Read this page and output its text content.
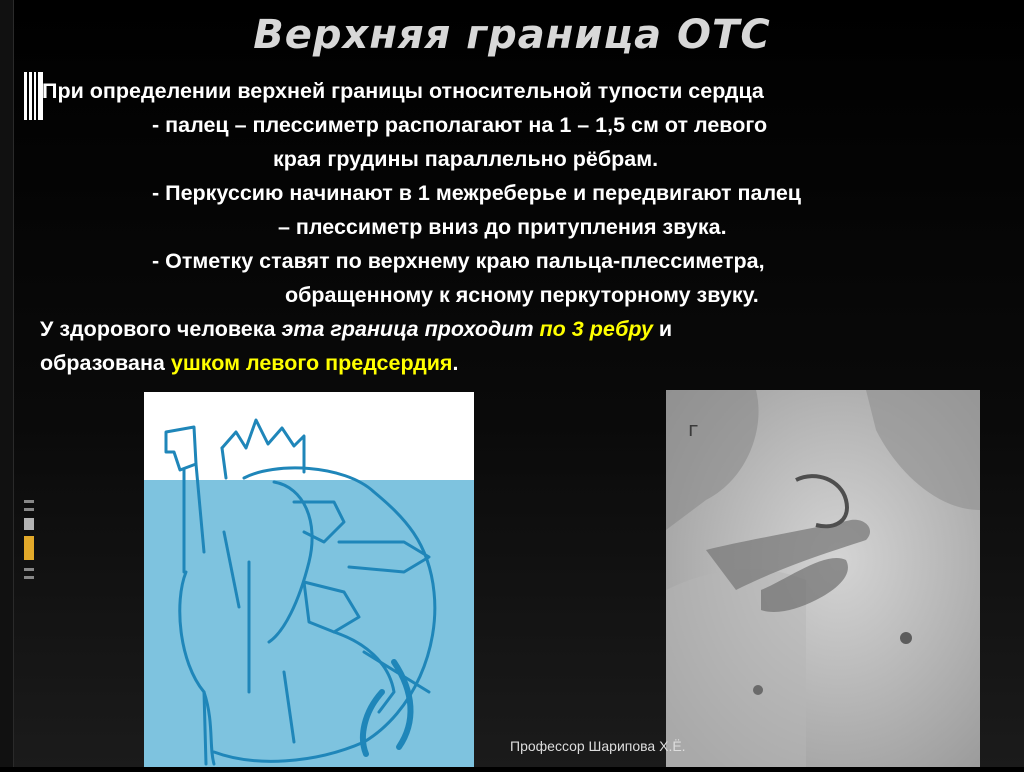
Верхняя граница ОТС
При определении верхней границы относительной тупости сердца
- палец – плессиметр располагают на 1 – 1,5 см от левого
края грудины параллельно рёбрам.
- Перкуссию начинают в 1 межреберье и передвигают палец
– плессиметр вниз до притупления звука.
- Отметку ставят по верхнему краю пальца-плессиметра,
обращенному к ясному перкуторному звуку.
У здорового человека эта граница проходит по 3 ребру и
образована ушком левого предсердия.
г
Профессор Шарипова Х.Ё.
